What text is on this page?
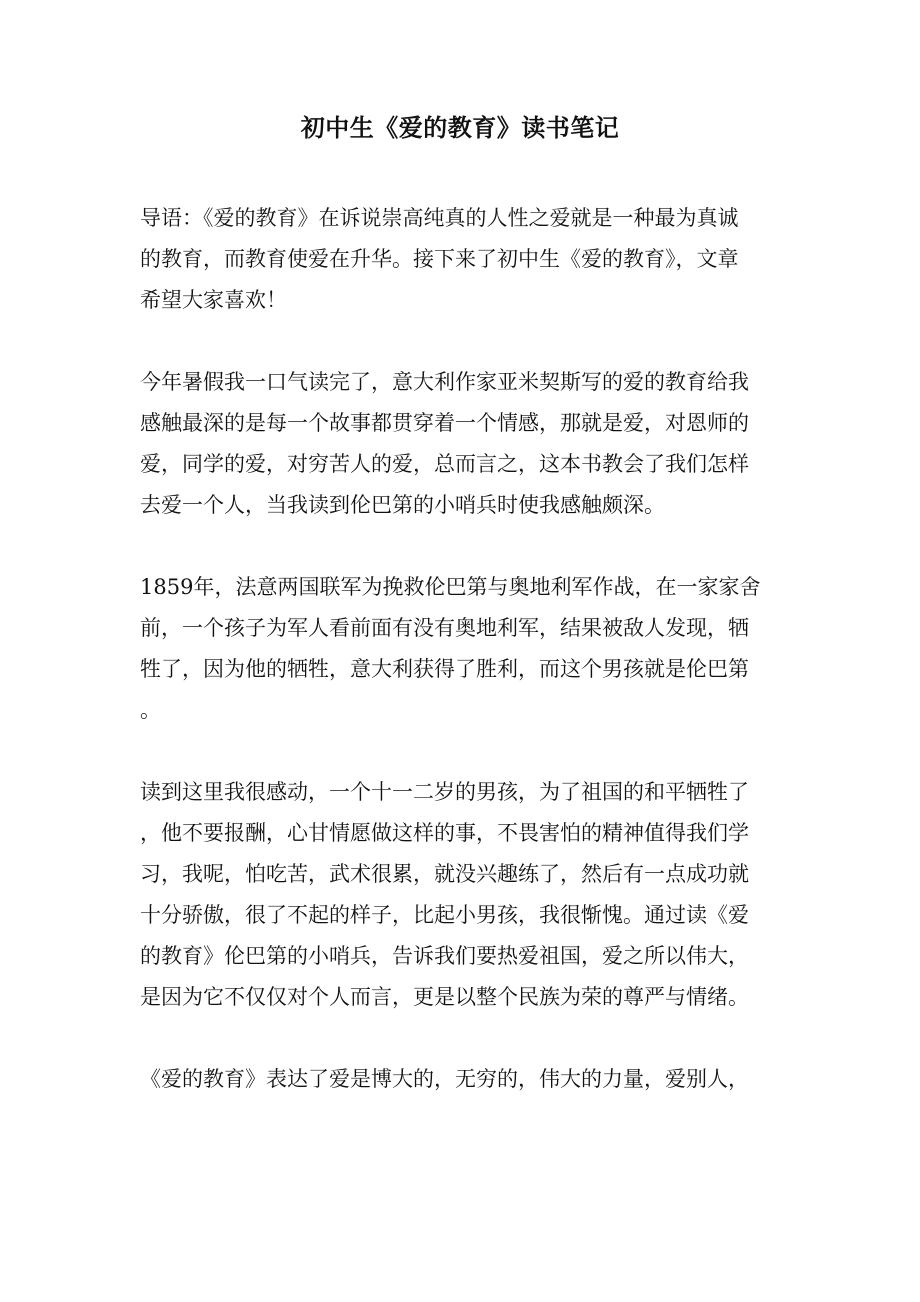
初中生《爱的教育》读书笔记
导语：《爱的教育》在诉说崇高纯真的人性之爱就是一种最为真诚
的教育，而教育使爱在升华。接下来了初中生《爱的教育》，文章
希望大家喜欢！
今年暑假我一口气读完了，意大利作家亚米契斯写的爱的教育给我
感触最深的是每一个故事都贯穿着一个情感，那就是爱，对恩师的
爱，同学的爱，对穷苦人的爱，总而言之，这本书教会了我们怎样
去爱一个人，当我读到伦巴第的小哨兵时使我感触颇深。
1859年，法意两国联军为挽救伦巴第与奥地利军作战，在一家家舍
前，一个孩子为军人看前面有没有奥地利军，结果被敌人发现，牺
牲了，因为他的牺牲，意大利获得了胜利，而这个男孩就是伦巴第
。
读到这里我很感动，一个十一二岁的男孩，为了祖国的和平牺牲了
，他不要报酬，心甘情愿做这样的事，不畏害怕的精神值得我们学
习，我呢，怕吃苦，武术很累，就没兴趣练了，然后有一点成功就
十分骄傲，很了不起的样子，比起小男孩，我很惭愧。通过读《爱
的教育》伦巴第的小哨兵，告诉我们要热爱祖国，爱之所以伟大，
是因为它不仅仅对个人而言，更是以整个民族为荣的尊严与情绪。
《爱的教育》表达了爱是博大的，无穷的，伟大的力量，爱别人，
